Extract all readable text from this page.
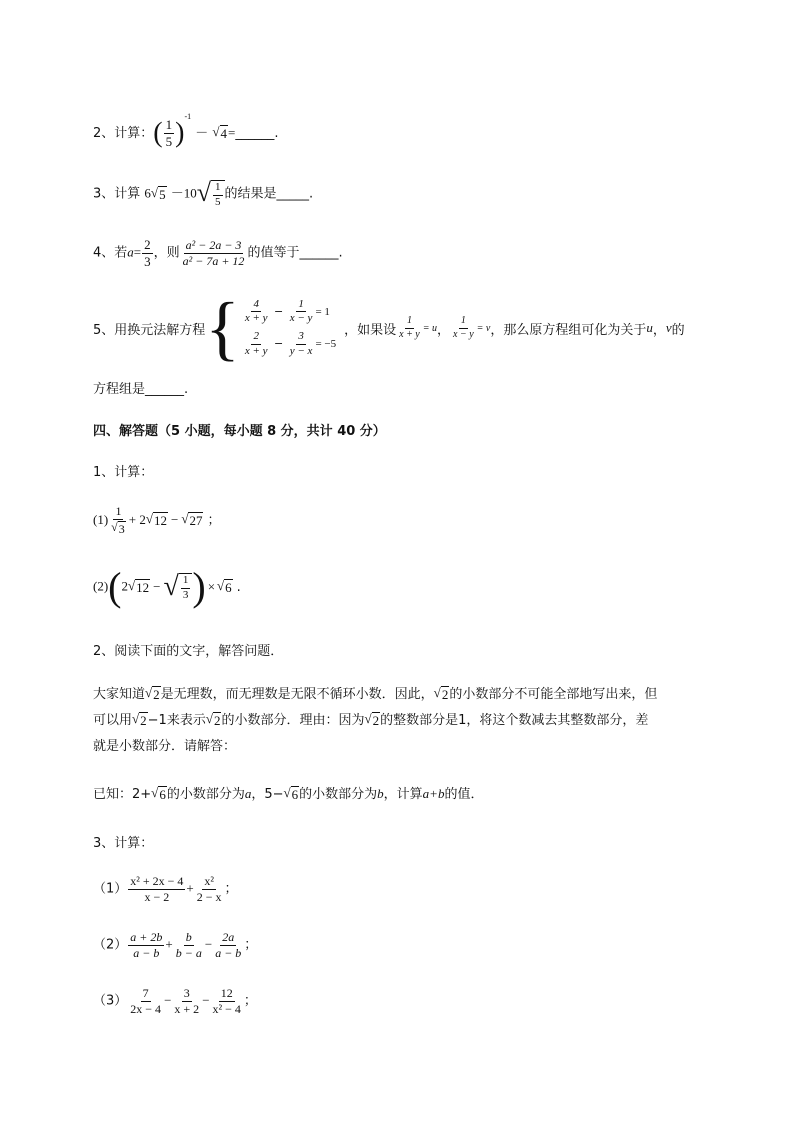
2、计算：( $\frac{1}{5} )^{-1}$ － √ 4 =______.
3、计算 6 √ 5 －10 √ $\frac{1}{5}$ 的结果是_____.
4、若$a= \frac{2}{3}$ ，则 $\frac{\text{a² − 2a − 3}}{\text{a² − 7a + 12}}$ 的值等于______.
5、用换元法解方程 { $\frac{4}{x + y} - \frac{1}{x - y} = 1$
$\frac{2}{x + y} - \frac{3}{y - x} = -5$
，如果设 $\frac{1}{x + y} = u$ ， $\frac{1}{x - y} = v$ ，那么原方程组可化为关于 u ， v 的
方程组是______.
四、解答题（5 小题，每小题 8 分，共计 40 分）
1、计算：
$(1) \frac{1}{√ 3} + 2$ √ 12 − √ 27 ；
(2)(2 √ 12 − √ $\frac{1}{3}$ ) × √ 6 .
2、阅读下面的文字，解答问题．
大家知道 √ 2 是无理数，而无理数是无限不循环小数．因此， √ 2 的小数部分不可能全部地写出来，但
可以用 √ 2 −1来表示 √ 2 的小数部分．理由：因为 √ 2 的整数部分是1，将这个数减去其整数部分，差
就是小数部分．请解答：
已知：2+ √ 6 的小数部分为a，5− √ 6 的小数部分为b，计算a+b的值．
3、计算：
$(1) \frac{\text{x² + 2x − 4}}{x - 2} + \frac{\text{x²}}{2 - x}$ ；
$(2) \frac{a + 2b}{a - b} + \frac{b}{b - a} - \frac{2a}{a - b}$ ；
$(3) \frac{7}{2x - 4} - \frac{3}{x + 2} - \frac{12}{\text{x² − 4}}$ ；
